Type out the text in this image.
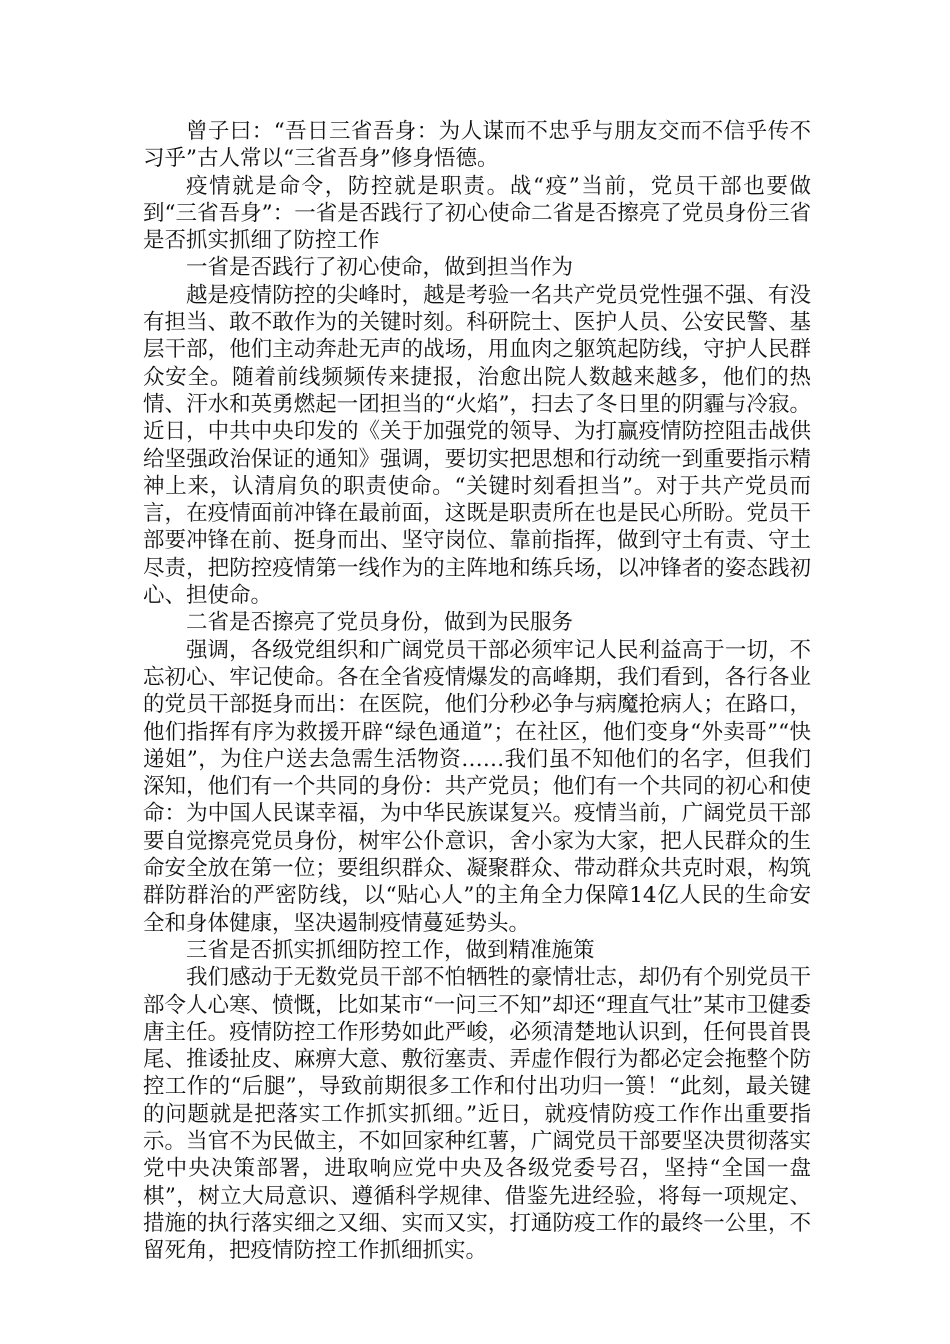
曾子曰：“吾日三省吾身：为人谋而不忠乎与朋友交而不信乎传不习乎”古人常以“三省吾身”修身悟德。

疫情就是命令，防控就是职责。战“疫”当前，党员干部也要做到“三省吾身”：一省是否践行了初心使命二省是否擦亮了党员身份三省是否抓实抓细了防控工作

一省是否践行了初心使命，做到担当作为

越是疫情防控的尖峰时，越是考验一名共产党员党性强不强、有没有担当、敢不敢作为的关键时刻。科研院士、医护人员、公安民警、基层干部，他们主动奔赴无声的战场，用血肉之躯筑起防线，守护人民群众安全。随着前线频频传来捷报，治愈出院人数越来越多，他们的热情、汗水和英勇燃起一团担当的“火焰”，扫去了冬日里的阴霾与冷寂。近日，中共中央印发的《关于加强党的领导、为打赢疫情防控阻击战供给坚强政治保证的通知》强调，要切实把思想和行动统一到重要指示精神上来，认清肩负的职责使命。“关键时刻看担当”。对于共产党员而言，在疫情面前冲锋在最前面，这既是职责所在也是民心所盼。党员干部要冲锋在前、挺身而出、坚守岗位、靠前指挥，做到守土有责、守土尽责，把防控疫情第一线作为的主阵地和练兵场，以冲锋者的姿态践初心、担使命。

二省是否擦亮了党员身份，做到为民服务

强调，各级党组织和广阔党员干部必须牢记人民利益高于一切，不忘初心、牢记使命。各在全省疫情爆发的高峰期，我们看到，各行各业的党员干部挺身而出：在医院，他们分秒必争与病魔抢病人；在路口，他们指挥有序为救援开辟“绿色通道”；在社区，他们变身“外卖哥”“快递姐”，为住户送去急需生活物资……我们虽不知他们的名字，但我们深知，他们有一个共同的身份：共产党员；他们有一个共同的初心和使命：为中国人民谋幸福，为中华民族谋复兴。疫情当前，广阔党员干部要自觉擦亮党员身份，树牢公仆意识，舍小家为大家，把人民群众的生命安全放在第一位；要组织群众、凝聚群众、带动群众共克时艰，构筑群防群治的严密防线，以“贴心人”的主角全力保障14亿人民的生命安全和身体健康，坚决遏制疫情蔓延势头。

三省是否抓实抓细防控工作，做到精准施策

我们感动于无数党员干部不怕牺牲的豪情壮志，却仍有个别党员干部令人心寒、愤慨，比如某市“一问三不知”却还“理直气壮”某市卫健委唐主任。疫情防控工作形势如此严峻，必须清楚地认识到，任何畏首畏尾、推诿扯皮、麻痹大意、敷衍塞责、弄虚作假行为都必定会拖整个防控工作的“后腿”，导致前期很多工作和付出功归一篑！“此刻，最关键的问题就是把落实工作抓实抓细。”近日，就疫情防疫工作作出重要指示。当官不为民做主，不如回家种红薯，广阔党员干部要坚决贯彻落实党中央决策部署，进取响应党中央及各级党委号召，坚持“全国一盘棋”，树立大局意识、遵循科学规律、借鉴先进经验，将每一项规定、措施的执行落实细之又细、实而又实，打通防疫工作的最终一公里，不留死角，把疫情防控工作抓细抓实。
